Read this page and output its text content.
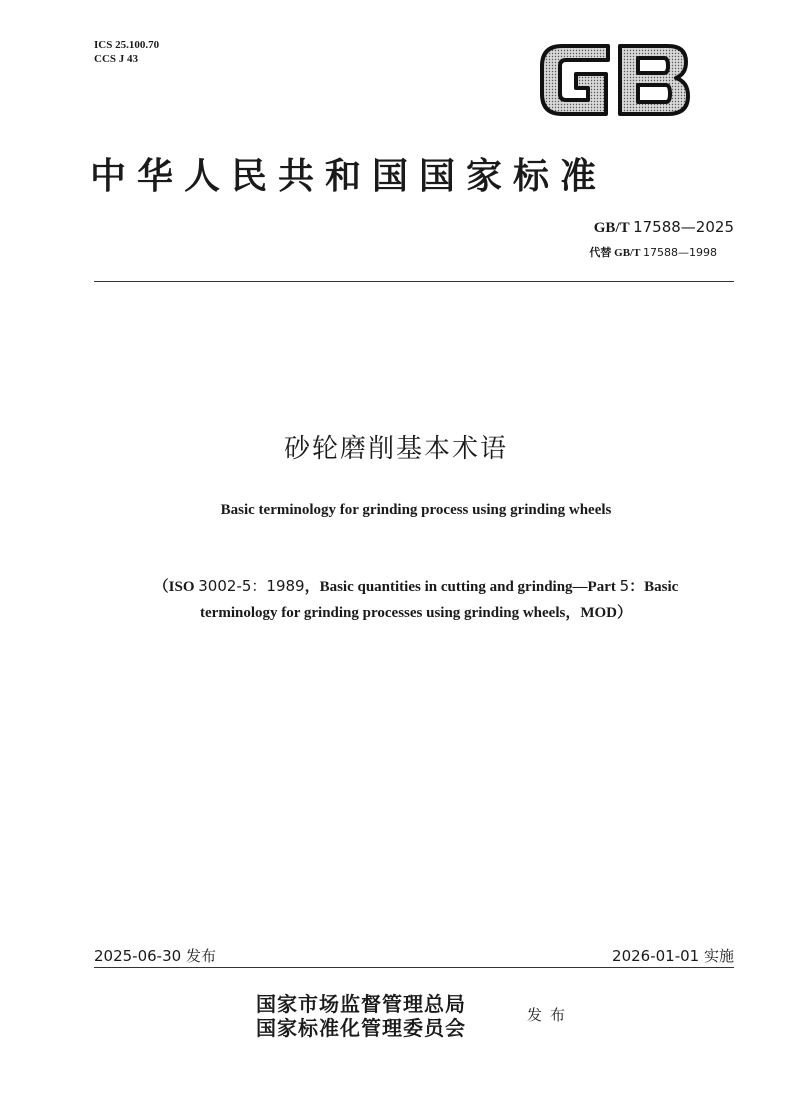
ICS 25.100.70
CCS J 43
中华人民共和国国家标准
GB/T 17588—2025
代替 GB/T 17588—1998
砂轮磨削基本术语
Basic terminology for grinding process using grinding wheels
（ISO 3002-5：1989，Basic quantities in cutting and grinding—Part 5：Basic
terminology for grinding processes using grinding wheels，MOD）
2025-06-30 发布	2026-01-01 实施
国家市场监督管理总局
国家标准化管理委员会
发布
